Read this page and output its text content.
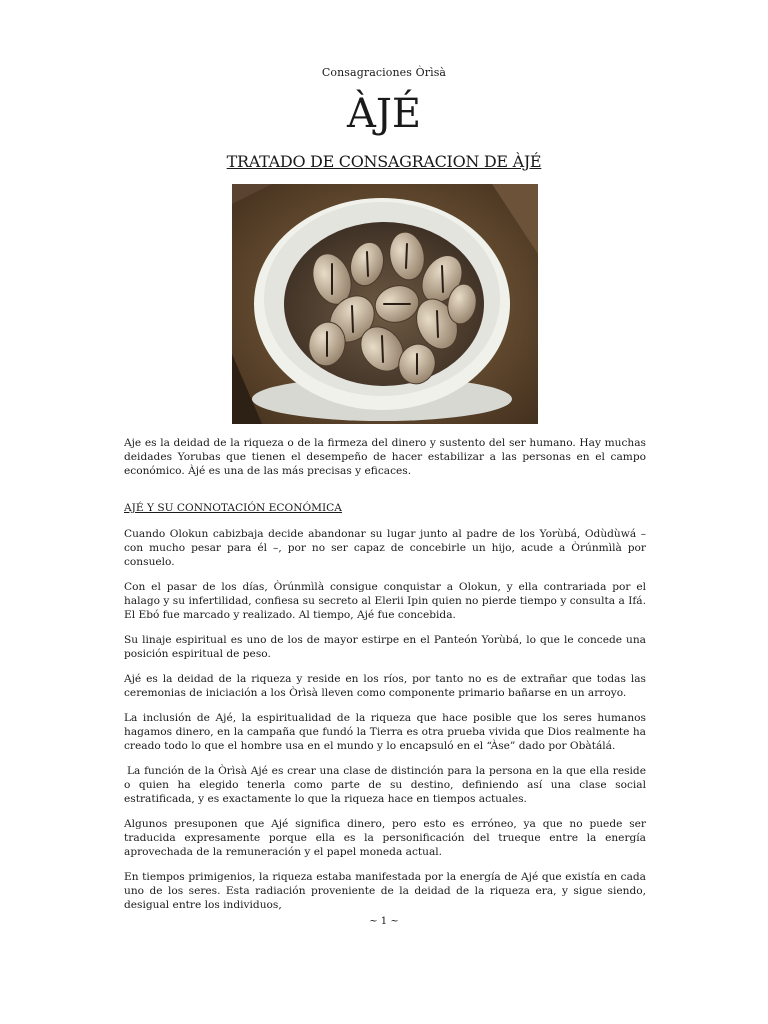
Consagraciones Òrìsà
ÀJÉ
TRATADO DE CONSAGRACION DE ÀJÉ

Aje es la deidad de la riqueza o de la firmeza del dinero y sustento del ser humano. Hay muchas deidades Yorubas que tienen el desempeño de hacer estabilizar a las personas en el campo económico. Àjé es una de las más precisas y eficaces.

AJÉ Y SU CONNOTACIÓN ECONÓMICA

Cuando Olokun cabizbaja decide abandonar su lugar junto al padre de los Yorùbá, Odùdùwá – con mucho pesar para él –, por no ser capaz de concebirle un hijo, acude a Òrúnmìlà por consuelo.

Con el pasar de los días, Òrúnmìlà consigue conquistar a Olokun, y ella contrariada por el halago y su infertilidad, confiesa su secreto al Elerii Ipin quien no pierde tiempo y consulta a Ifá. El Ebó fue marcado y realizado. Al tiempo, Ajé fue concebida.

Su linaje espiritual es uno de los de mayor estirpe en el Panteón Yorùbá, lo que le concede una posición espiritual de peso.

Ajé es la deidad de la riqueza y reside en los ríos, por tanto no es de extrañar que todas las ceremonias de iniciación a los Òrìsà lleven como componente primario bañarse en un arroyo.

La inclusión de Ajé, la espiritualidad de la riqueza que hace posible que los seres humanos hagamos dinero, en la campaña que fundó la Tierra es otra prueba vivida que Dios realmente ha creado todo lo que el hombre usa en el mundo y lo encapsuló en el “Àse” dado por Obàtálá.

La función de la Òrìsà Ajé es crear una clase de distinción para la persona en la que ella reside o quien ha elegido tenerla como parte de su destino, definiendo así una clase social estratificada, y es exactamente lo que la riqueza hace en tiempos actuales.

Algunos presuponen que Ajé significa dinero, pero esto es erróneo, ya que no puede ser traducida expresamente porque ella es la personificación del trueque entre la energía aprovechada de la remuneración y el papel moneda actual.

En tiempos primigenios, la riqueza estaba manifestada por la energía de Ajé que existía en cada uno de los seres. Esta radiación proveniente de la deidad de la riqueza era, y sigue siendo, desigual entre los individuos,

~ 1 ~
